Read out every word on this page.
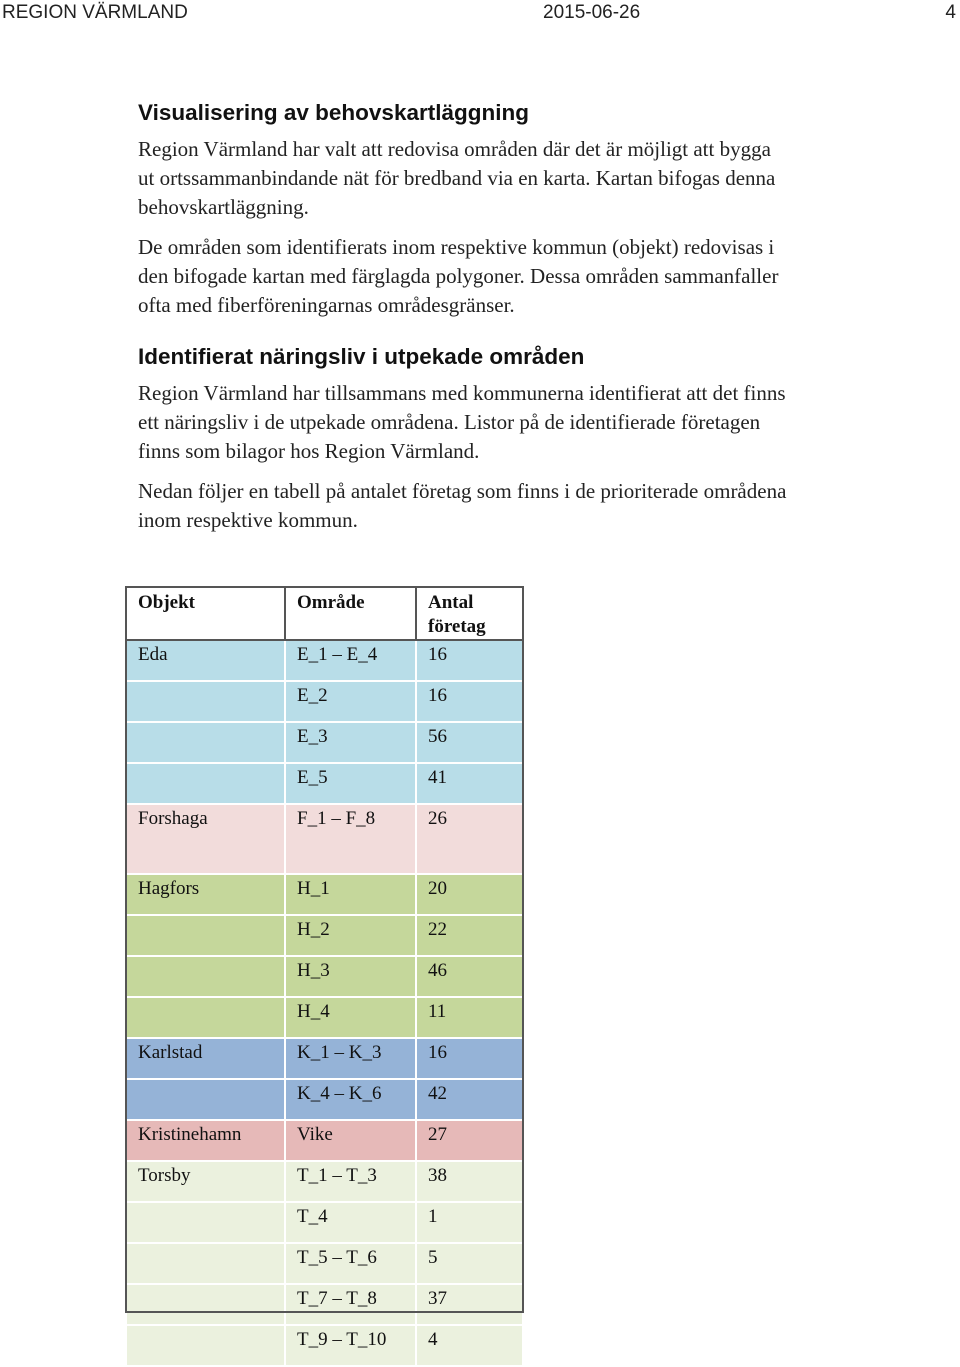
REGION VÄRMLAND	2015-06-26	4
Visualisering av behovskartläggning
Region Värmland har valt att redovisa områden där det är möjligt att bygga
ut ortssammanbindande nät för bredband via en karta. Kartan bifogas denna
behovskartläggning.
De områden som identifierats inom respektive kommun (objekt) redovisas i
den bifogade kartan med färglagda polygoner. Dessa områden sammanfaller
ofta med fiberföreningarnas områdesgränser.
Identifierat näringsliv i utpekade områden
Region Värmland har tillsammans med kommunerna identifierat att det finns
ett näringsliv i de utpekade områdena. Listor på de identifierade företagen
finns som bilagor hos Region Värmland.
Nedan följer en tabell på antalet företag som finns i de prioriterade områdena
inom respektive kommun.
Objekt	Område	Antal
företag
Eda	E_1 – E_4	16
	E_2	16
	E_3	56
	E_5	41
Forshaga	F_1 – F_8	26
Hagfors	H_1	20
	H_2	22
	H_3	46
	H_4	11
Karlstad	K_1 – K_3	16
	K_4 – K_6	42
Kristinehamn	Vike	27
Torsby	T_1 – T_3	38
	T_4	1
	T_5 – T_6	5
	T_7 – T_8	37
	T_9 – T_10	4
